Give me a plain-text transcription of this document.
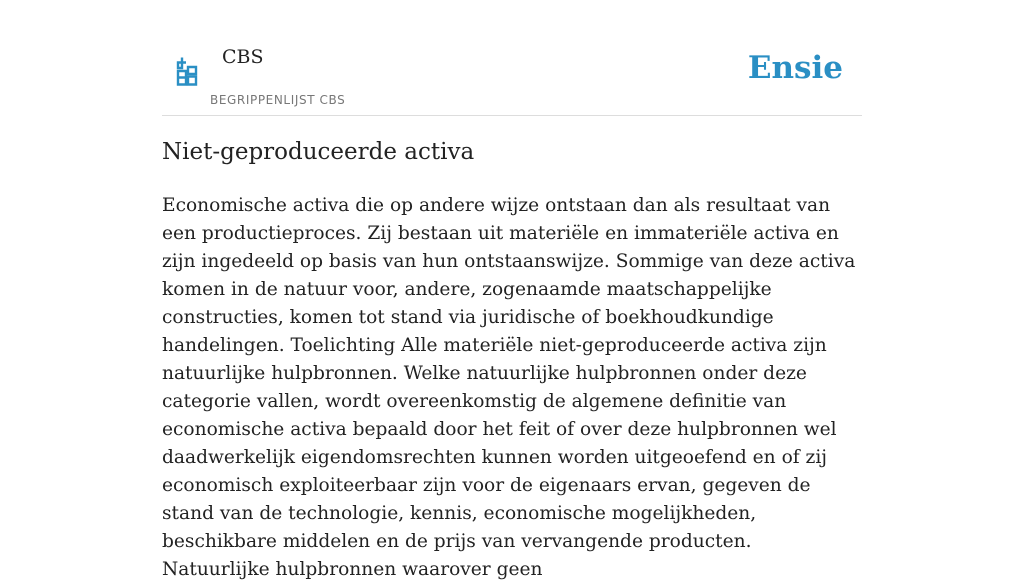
CBS
BEGRIPPENLIJST CBS
Ensie
Niet-geproduceerde activa

Economische activa die op andere wijze ontstaan dan als resultaat van een productieproces. Zij bestaan uit materiële en immateriële activa en zijn ingedeeld op basis van hun ontstaanswijze. Sommige van deze activa komen in de natuur voor, andere, zogenaamde maatschappelijke constructies, komen tot stand via juridische of boekhoudkundige handelingen. Toelichting Alle materiële niet-geproduceerde activa zijn natuurlijke hulpbronnen. Welke natuurlijke hulpbronnen onder deze categorie vallen, wordt overeenkomstig de algemene definitie van economische activa bepaald door het feit of over deze hulpbronnen wel daadwerkelijk eigendomsrechten kunnen worden uitgeoefend en of zij economisch exploiteerbaar zijn voor de eigenaars ervan, gegeven de stand van de technologie, kennis, economische mogelijkheden, beschikbare middelen en de prijs van vervangende producten. Natuurlijke hulpbronnen waarover geen
